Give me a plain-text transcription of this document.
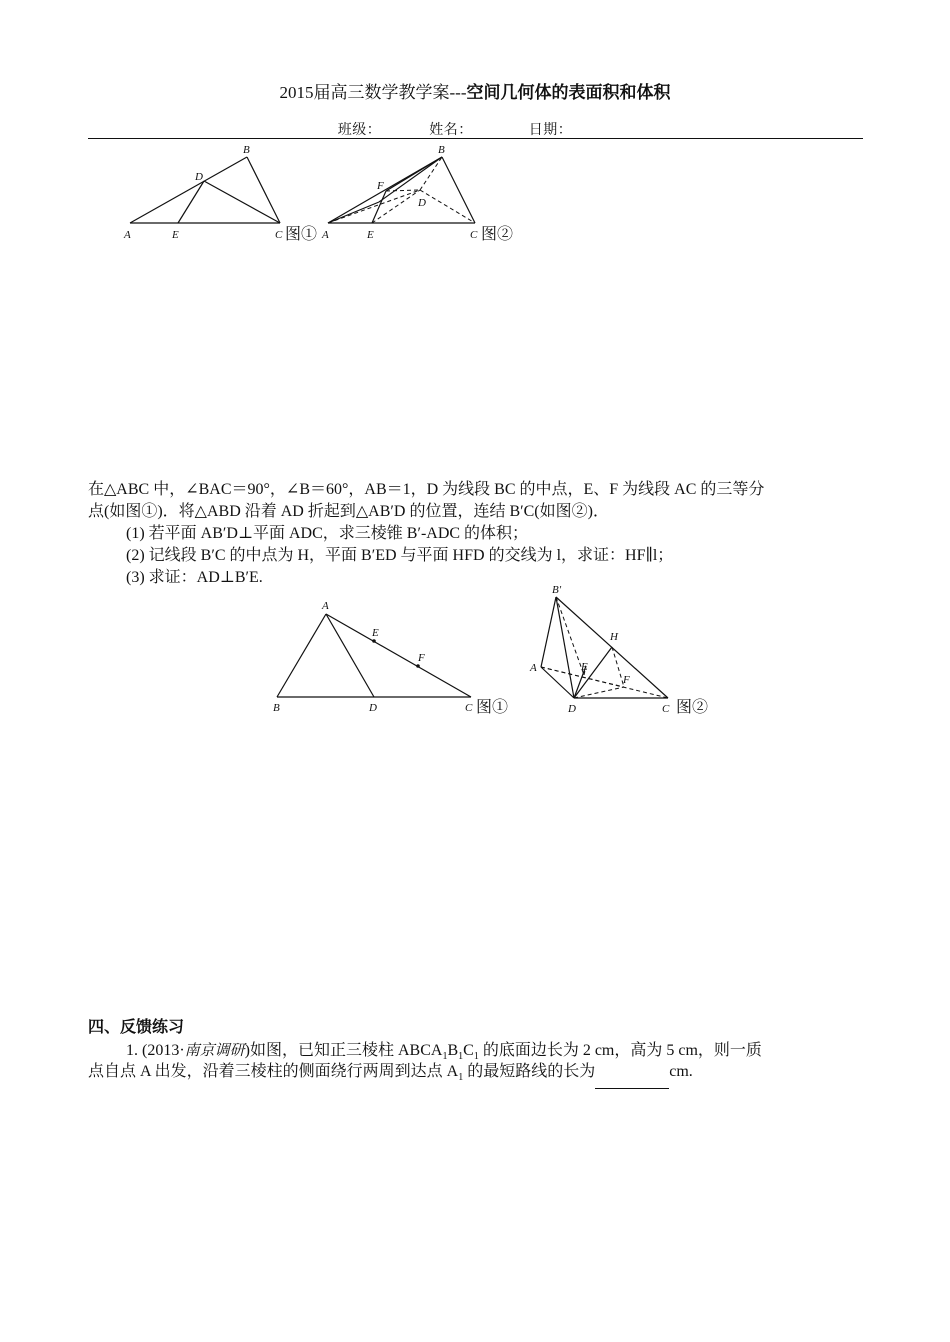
2015届高三数学教学案---空间几何体的表面积和体积
班级：	姓名：	日期：
A
B
C
D
E	图① A
B
C
D
E
F
图②
在△ABC 中，∠BAC＝90°，∠B＝60°，AB＝1，D 为线段 BC 的中点，E、F 为线段 AC 的三等分
点(如图①)．将△ABD 沿着 AD 折起到△AB′D 的位置，连结 B′C(如图②)．
(1) 若平面 AB′D⊥平面 ADC，求三棱锥 B′-ADC 的体积；
(2) 记线段 B′C 的中点为 H，平面 B′ED 与平面 HFD 的交线为 l，求证：HF∥l；
(3) 求证：AD⊥B′E.
A
B	C
D
E
F
图①
B′
A
C
D
E
F
H
图②
四、反馈练习
1. (2013·南京调研)如图，已知正三棱柱 $ABCA_1B_1C_1$ 的底面边长为 2 cm，高为 5 cm，则一质
点自点 A 出发，沿着三棱柱的侧面绕行两周到达点 $A_1$ 的最短路线的长为	cm.
